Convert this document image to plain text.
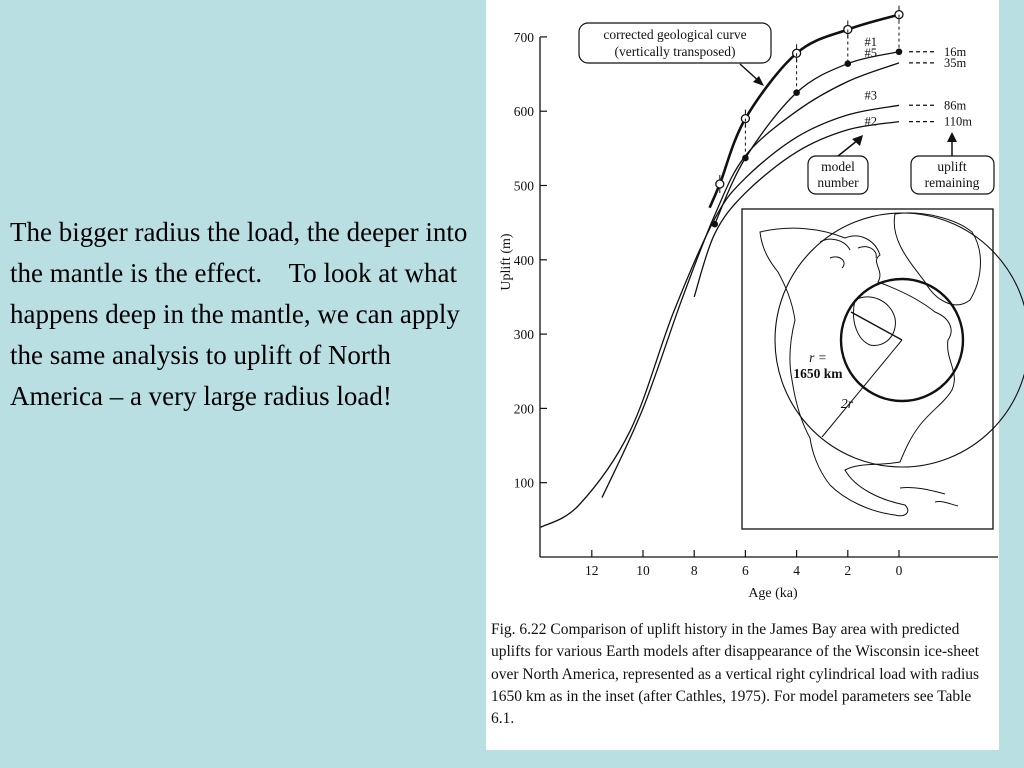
The bigger radius the load, the deeper into the mantle is the effect.    To look at what happens deep in the mantle, we can apply the same analysis to uplift of North America – a very large radius load!
100
200
300
400
500
600
700
12	10	8	6	4	2	0
Age (ka)
Uplift (m)
#1
#5
#3
#2
16m
35m
86m
110m
corrected geological curve
(vertically transposed)
model
number
uplift
remaining
r =
1650 km
2r

Fig. 6.22 Comparison of uplift history in the James Bay area with predicted uplifts for various Earth models after disappearance of the Wisconsin ice-sheet over North America, represented as a vertical right cylindrical load with radius 1650 km as in the inset (after Cathles, 1975). For model parameters see Table 6.1.
